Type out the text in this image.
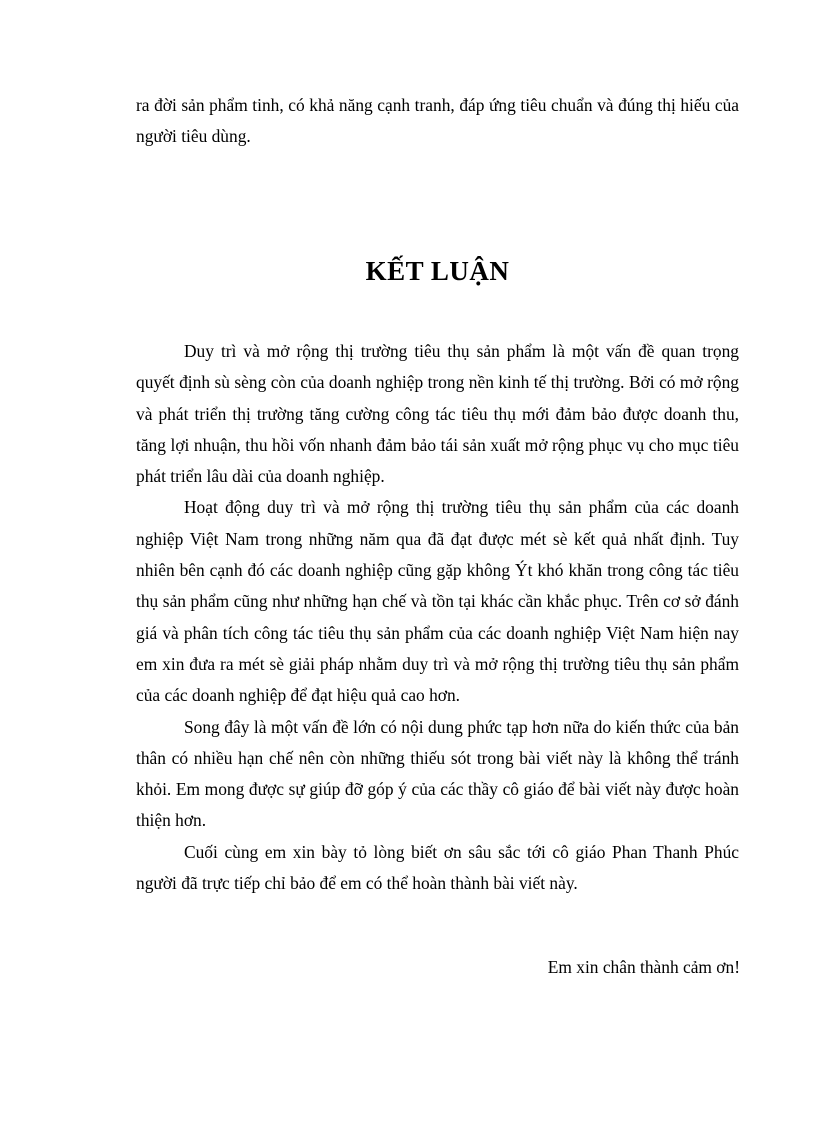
ra đời sản phẩm tinh, có khả năng cạnh tranh, đáp ứng tiêu chuẩn và đúng thị hiếu của người tiêu dùng.
KẾT LUẬN

Duy trì và mở rộng thị trường tiêu thụ sản phẩm là một vấn đề quan trọng quyết định sù sèng còn của doanh nghiệp trong nền kinh tế thị trường. Bởi có mở rộng và phát triển thị trường tăng cường công tác tiêu thụ mới đảm bảo được doanh thu, tăng lợi nhuận, thu hồi vốn nhanh đảm bảo tái sản xuất mở rộng phục vụ cho mục tiêu phát triển lâu dài của doanh nghiệp.

Hoạt động duy trì và mở rộng thị trường tiêu thụ sản phẩm của các doanh nghiệp Việt Nam trong những năm qua đã đạt được mét sè kết quả nhất định. Tuy nhiên bên cạnh đó các doanh nghiệp cũng gặp không Ýt khó khăn trong công tác tiêu thụ sản phẩm cũng như những hạn chế và tồn tại khác cần khắc phục. Trên cơ sở đánh giá và phân tích công tác tiêu thụ sản phẩm của các doanh nghiệp Việt Nam hiện nay em xin đưa ra mét sè giải pháp nhằm duy trì và mở rộng thị trường tiêu thụ sản phẩm của các doanh nghiệp để đạt hiệu quả cao hơn.

Song đây là một vấn đề lớn có nội dung phức tạp hơn nữa do kiến thức của bản thân có nhiều hạn chế nên còn những thiếu sót trong bài viết này là không thể tránh khỏi. Em mong được sự giúp đỡ góp ý của các thầy cô giáo để bài viết này được hoàn thiện hơn.

Cuối cùng em xin bày tỏ lòng biết ơn sâu sắc tới cô giáo Phan Thanh Phúc người đã trực tiếp chỉ bảo để em có thể hoàn thành bài viết này.

Em xin chân thành cảm ơn!
